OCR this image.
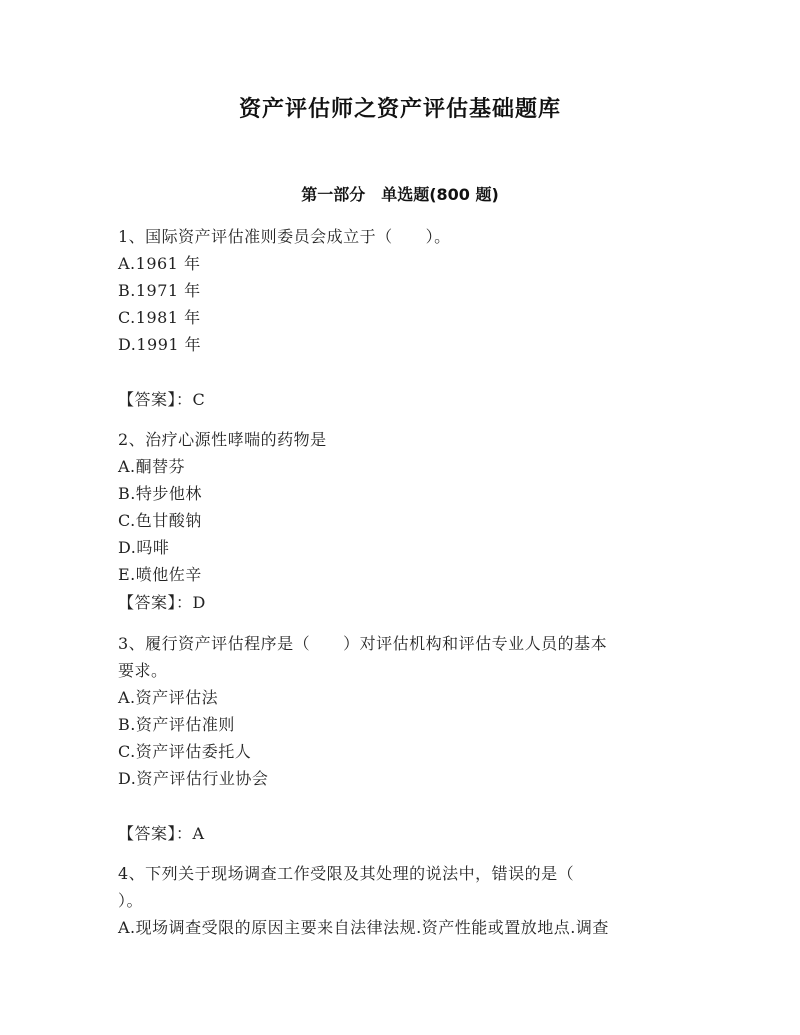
资产评估师之资产评估基础题库
第一部分　单选题(800 题)
1、国际资产评估准则委员会成立于（　　）。
A.1961 年
B.1971 年
C.1981 年
D.1991 年
【答案】：C
2、治疗心源性哮喘的药物是
A.酮替芬
B.特步他林
C.色甘酸钠
D.吗啡
E.喷他佐辛
【答案】：D
3、履行资产评估程序是（　　）对评估机构和评估专业人员的基本
要求。
A.资产评估法
B.资产评估准则
C.资产评估委托人
D.资产评估行业协会
【答案】：A
4、下列关于现场调查工作受限及其处理的说法中，错误的是（
）。
A.现场调查受限的原因主要来自法律法规.资产性能或置放地点.调查
